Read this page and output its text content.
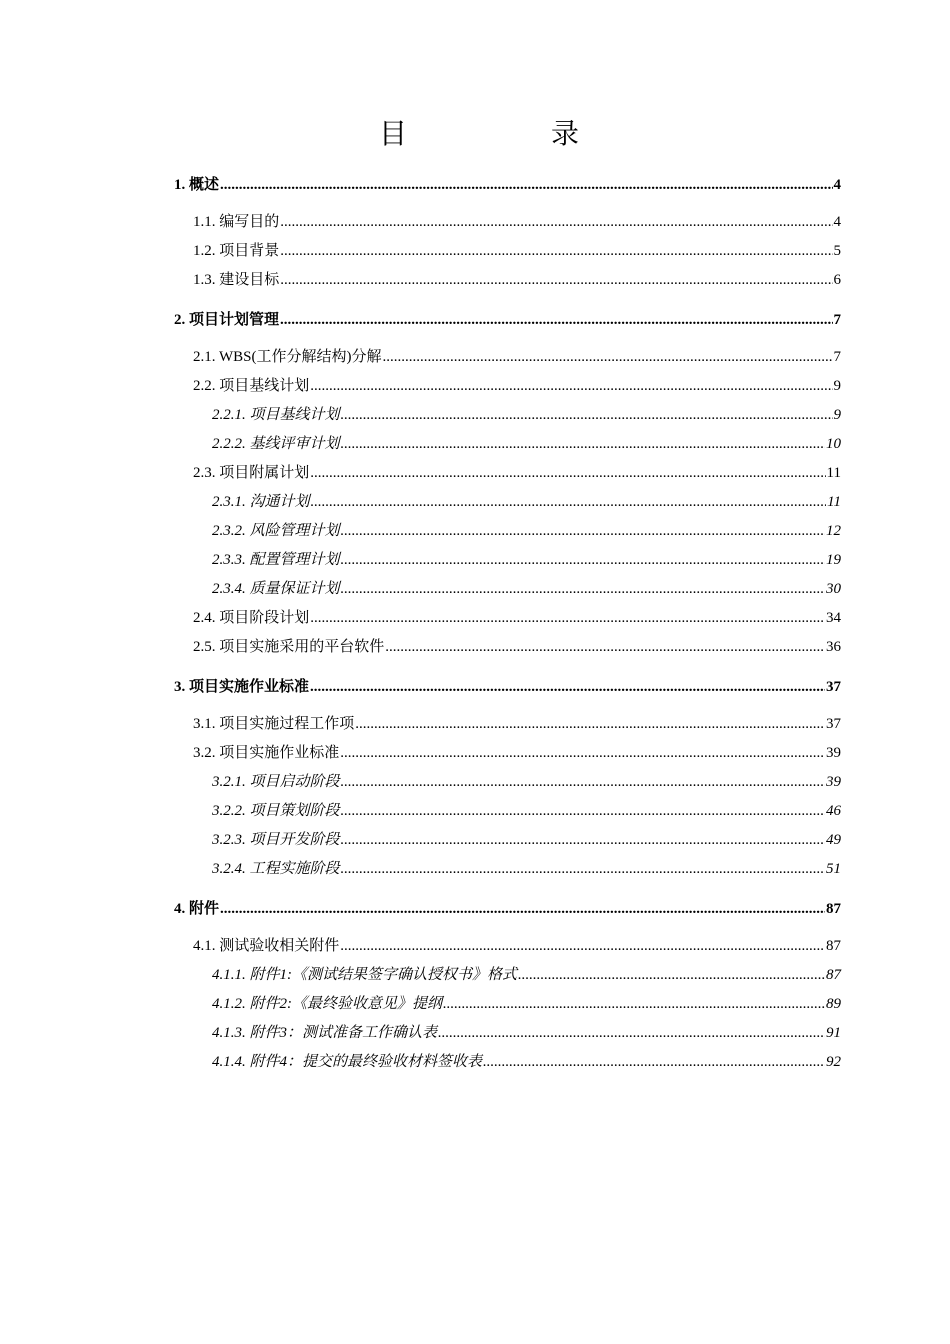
目　录
1. 概述 .....	4
1.1. 编写目的 .....	4
1.2. 项目背景 .....	5
1.3. 建设目标 .....	6
2. 项目计划管理 .....	7
2.1. WBS(工作分解结构)分解 .....	7
2.2. 项目基线计划 .....	9
2.2.1. 项目基线计划 .....	9
2.2.2. 基线评审计划 .....	10
2.3. 项目附属计划 .....	11
2.3.1. 沟通计划 .....	11
2.3.2. 风险管理计划 .....	12
2.3.3. 配置管理计划 .....	19
2.3.4. 质量保证计划 .....	30
2.4. 项目阶段计划 .....	34
2.5. 项目实施采用的平台软件 .....	36
3. 项目实施作业标准 .....	37
3.1. 项目实施过程工作项 .....	37
3.2. 项目实施作业标准 .....	39
3.2.1. 项目启动阶段 .....	39
3.2.2. 项目策划阶段 .....	46
3.2.3. 项目开发阶段 .....	49
3.2.4. 工程实施阶段 .....	51
4. 附件 .....	87
4.1. 测试验收相关附件 .....	87
4.1.1. 附件1:《测试结果签字确认授权书》格式 .....	87
4.1.2. 附件2:《最终验收意见》提纲 .....	89
4.1.3. 附件3：测试准备工作确认表 .....	91
4.1.4. 附件4：提交的最终验收材料签收表 .....	92
